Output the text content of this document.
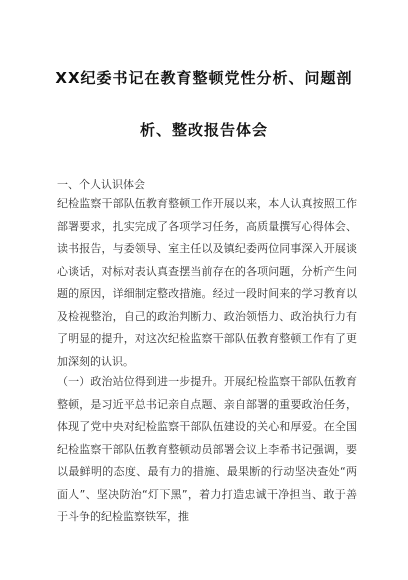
XX纪委书记在教育整顿党性分析、问题剖
析、整改报告体会
一、个人认识体会

纪检监察干部队伍教育整顿工作开展以来，本人认真按照工作部署要求，扎实完成了各项学习任务，高质量撰写心得体会、读书报告，与委领导、室主任以及镇纪委两位同事深入开展谈心谈话，对标对表认真查摆当前存在的各项问题，分析产生问题的原因，详细制定整改措施。经过一段时间来的学习教育以及检视整治，自己的政治判断力、政治领悟力、政治执行力有了明显的提升，对这次纪检监察干部队伍教育整顿工作有了更加深刻的认识。

（一）政治站位得到进一步提升。开展纪检监察干部队伍教育整顿，是习近平总书记亲自点题、亲自部署的重要政治任务，体现了党中央对纪检监察干部队伍建设的关心和厚爱。在全国纪检监察干部队伍教育整顿动员部署会议上李希书记强调，要以最鲜明的态度、最有力的措施、最果断的行动坚决查处“两面人”、坚决防治“灯下黑”，着力打造忠诚干净担当、敢于善于斗争的纪检监察铁军，推
